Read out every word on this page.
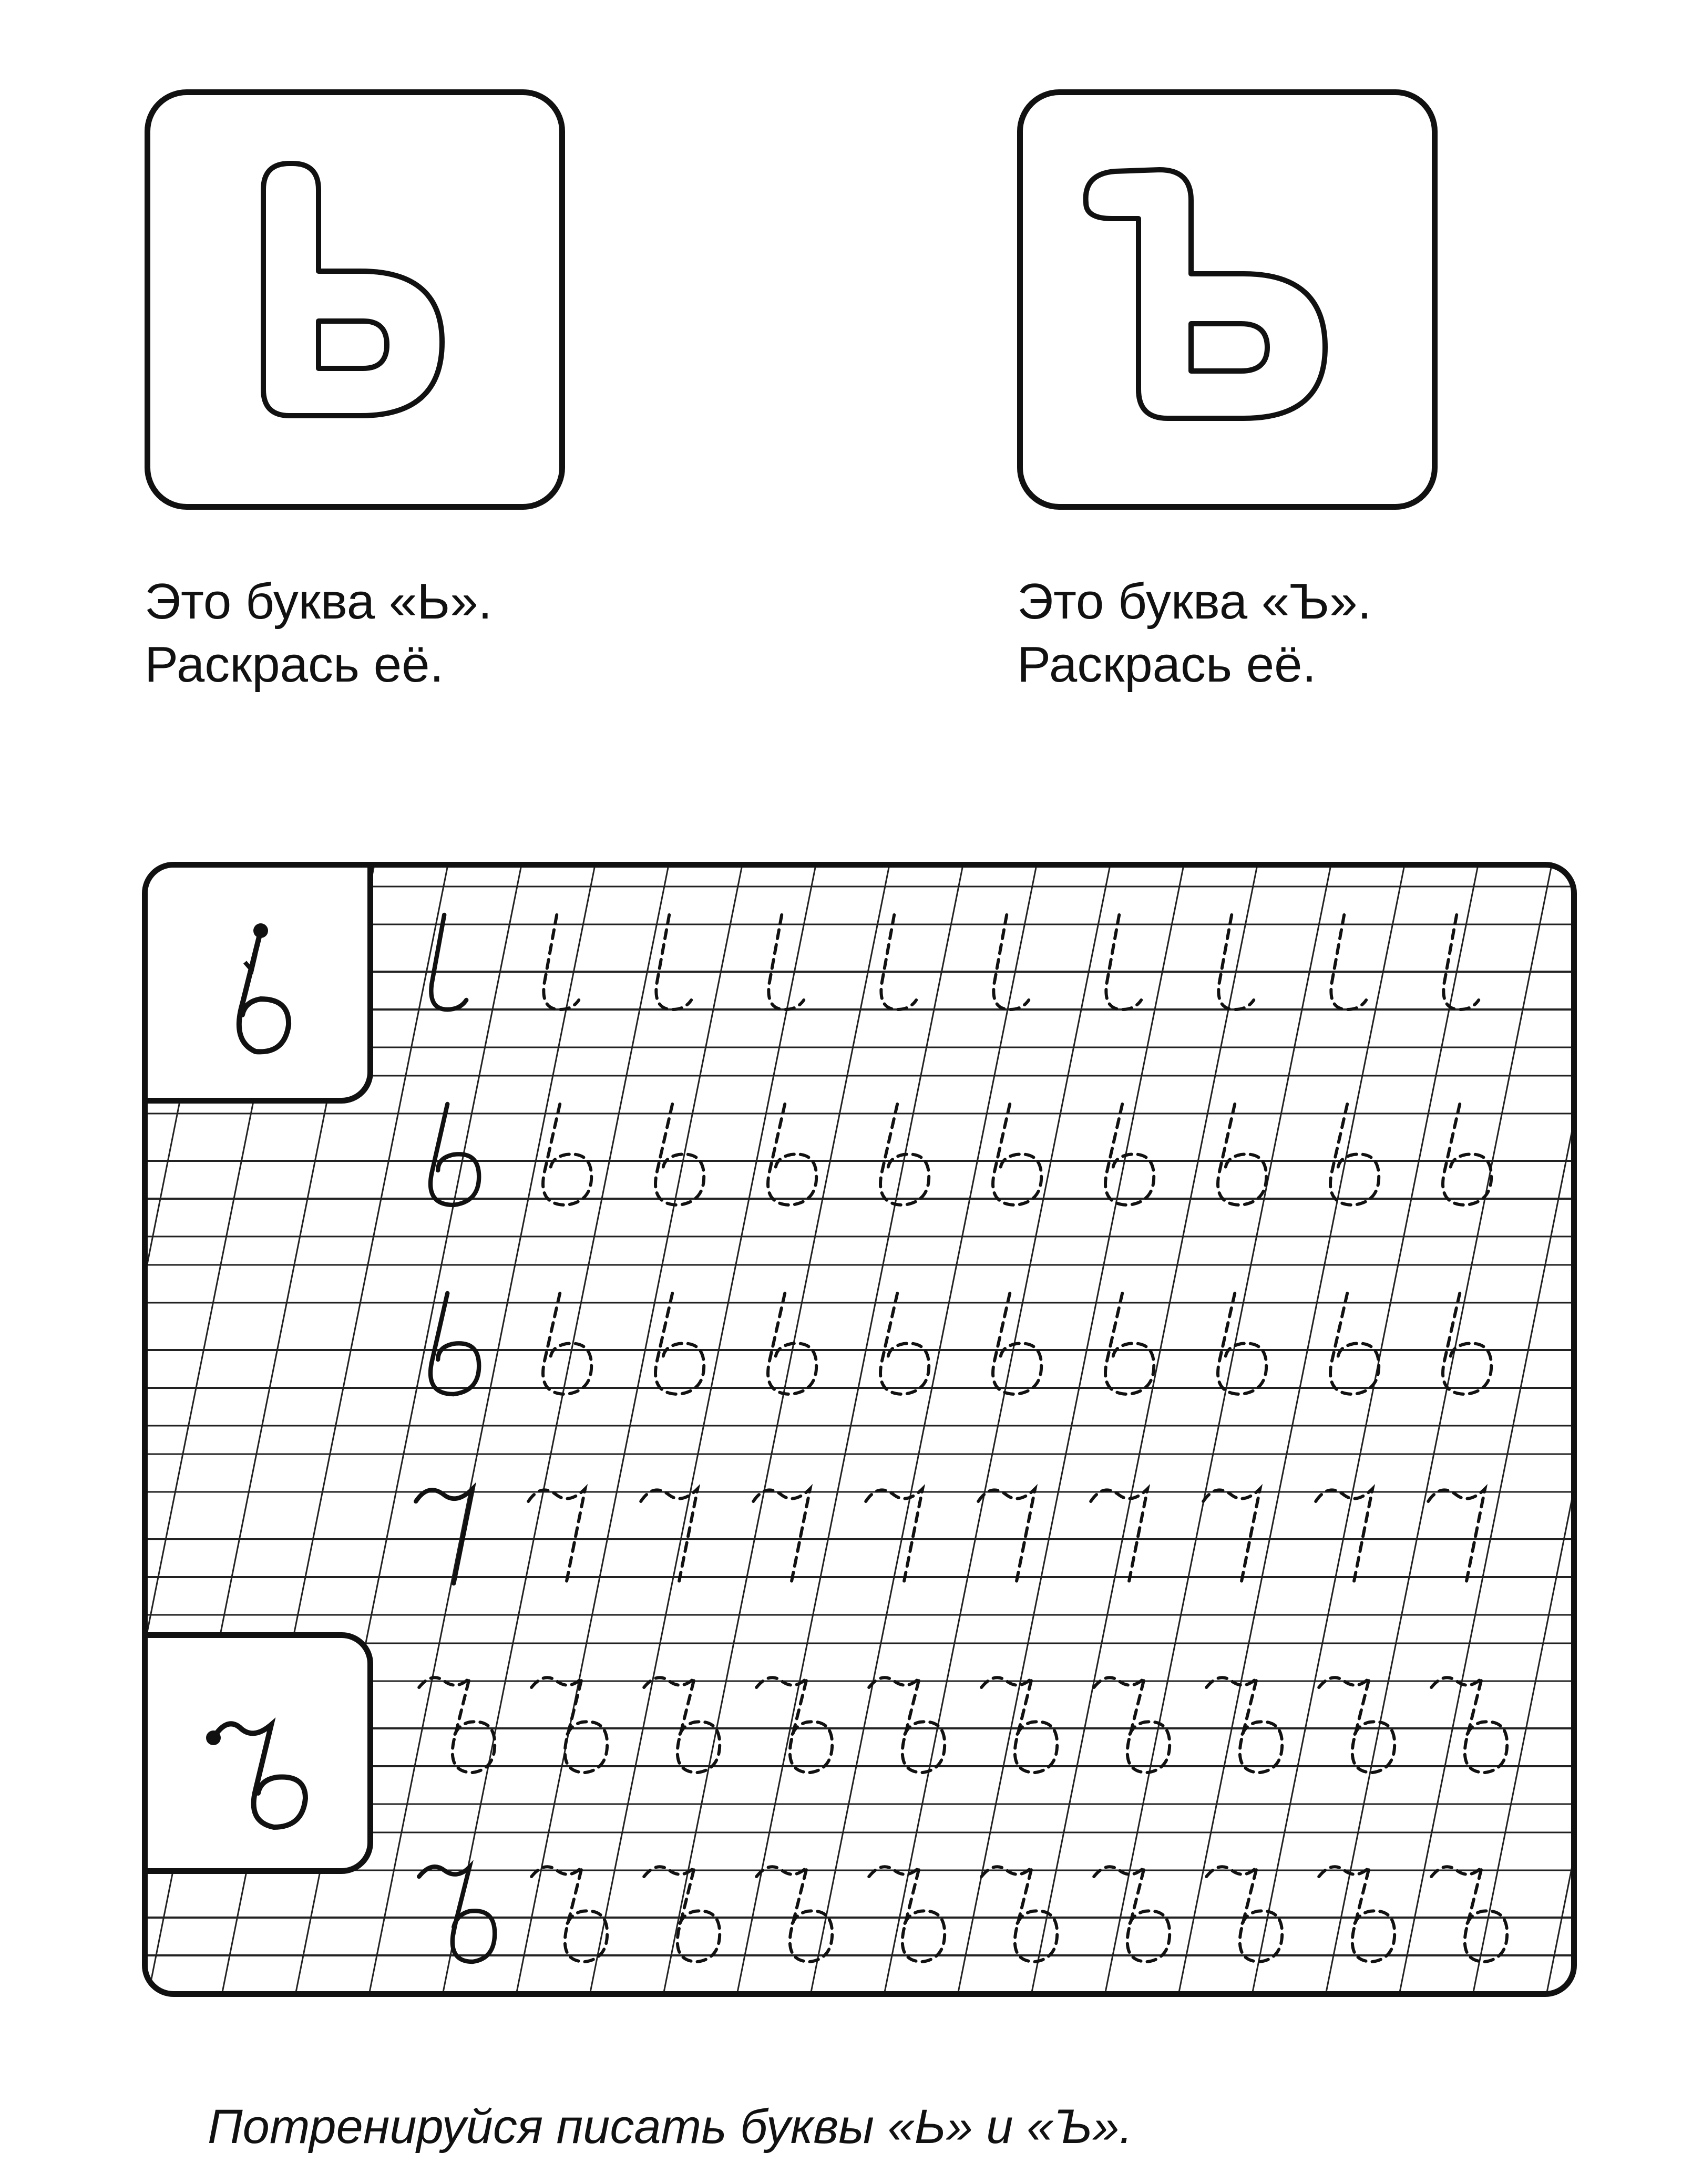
Это буква «Ь».
Раскрась её.
Это буква «Ъ».
Раскрась её.
Потренируйся писать буквы «Ь» и «Ъ».
